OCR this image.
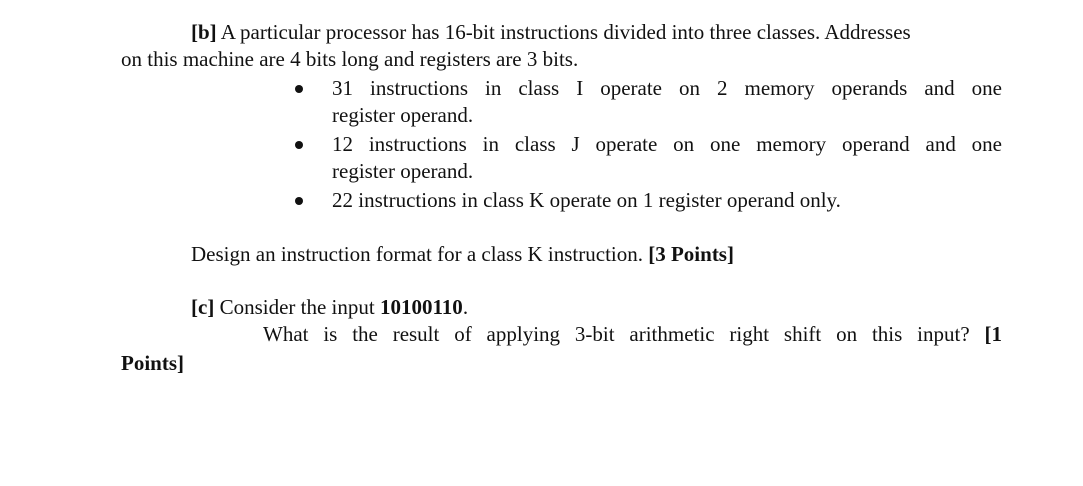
[b] A particular processor has 16-bit instructions divided into three classes. Addresses
on this machine are 4 bits long and registers are 3 bits.
31 instructions in class I operate on 2 memory operands and one
register operand.
12 instructions in class J operate on one memory operand and one
register operand.
22 instructions in class K operate on 1 register operand only.
Design an instruction format for a class K instruction. [3 Points]
[c] Consider the input 10100110.
What is the result of applying 3-bit arithmetic right shift on this input? [1
Points]
